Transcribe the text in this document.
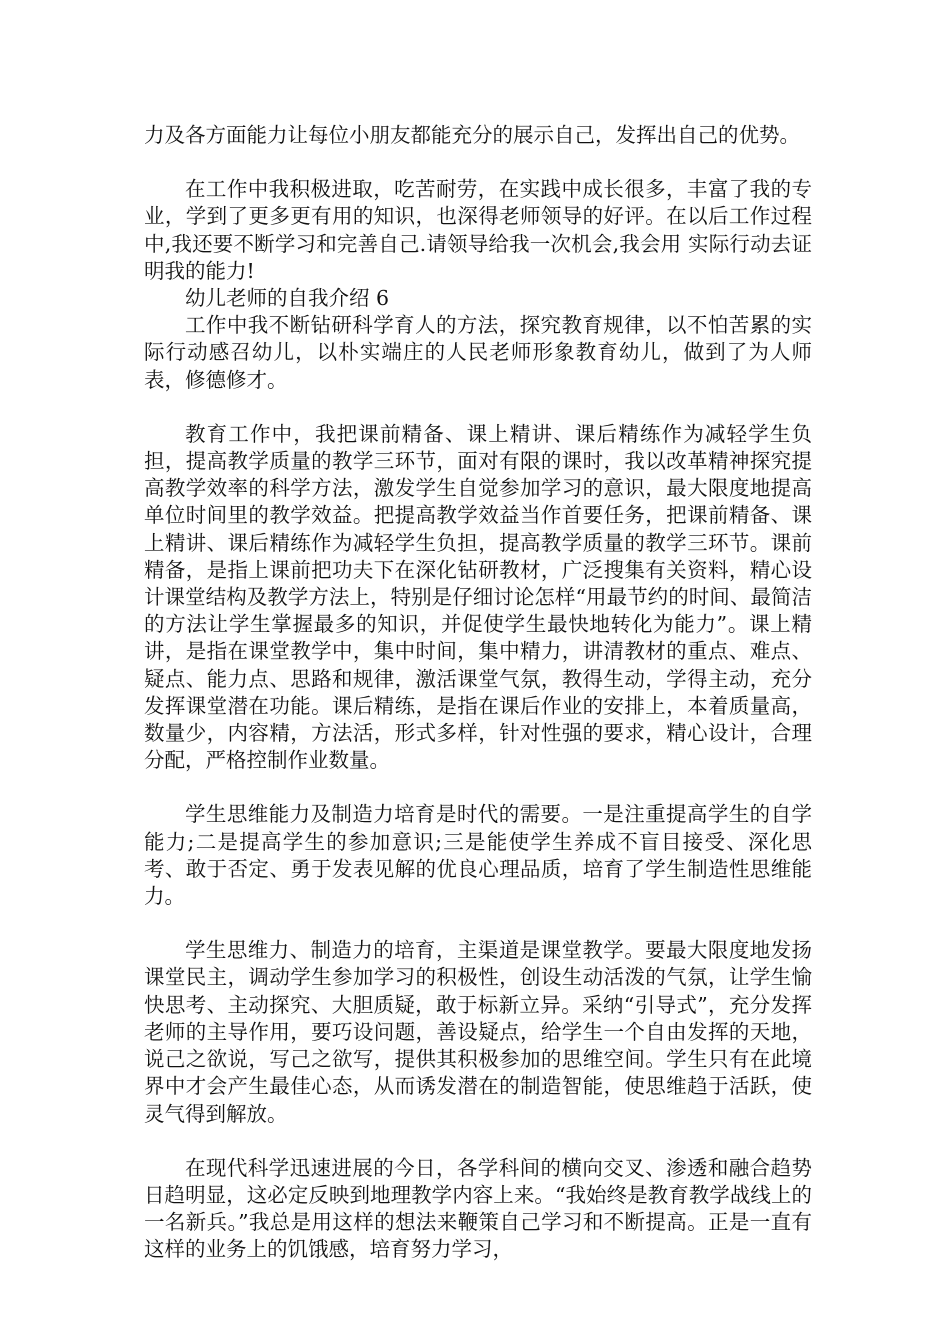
力及各方面能力让每位小朋友都能充分的展示自己，发挥出自己的优势。

在工作中我积极进取，吃苦耐劳，在实践中成长很多，丰富了我的专业，学到了更多更有用的知识，也深得老师领导的好评。在以后工作过程中,我还要不断学习和完善自己.请领导给我一次机会,我会用 实际行动去证明我的能力!

幼儿老师的自我介绍 6

工作中我不断钻研科学育人的方法，探究教育规律，以不怕苦累的实际行动感召幼儿，以朴实端庄的人民老师形象教育幼儿，做到了为人师表，修德修才。

教育工作中，我把课前精备、课上精讲、课后精练作为减轻学生负担，提高教学质量的教学三环节，面对有限的课时，我以改革精神探究提高教学效率的科学方法，激发学生自觉参加学习的意识，最大限度地提高单位时间里的教学效益。把提高教学效益当作首要任务，把课前精备、课上精讲、课后精练作为减轻学生负担，提高教学质量的教学三环节。课前精备，是指上课前把功夫下在深化钻研教材，广泛搜集有关资料，精心设计课堂结构及教学方法上，特别是仔细讨论怎样“用最节约的时间、最简洁的方法让学生掌握最多的知识，并促使学生最快地转化为能力”。课上精讲，是指在课堂教学中，集中时间，集中精力，讲清教材的重点、难点、疑点、能力点、思路和规律，激活课堂气氛，教得生动，学得主动，充分发挥课堂潜在功能。课后精练，是指在课后作业的安排上，本着质量高，数量少，内容精，方法活，形式多样，针对性强的要求，精心设计，合理分配，严格控制作业数量。

学生思维能力及制造力培育是时代的需要。一是注重提高学生的自学能力;二是提高学生的参加意识;三是能使学生养成不盲目接受、深化思考、敢于否定、勇于发表见解的优良心理品质，培育了学生制造性思维能力。

学生思维力、制造力的培育，主渠道是课堂教学。要最大限度地发扬课堂民主，调动学生参加学习的积极性，创设生动活泼的气氛，让学生愉快思考、主动探究、大胆质疑，敢于标新立异。采纳“引导式”，充分发挥老师的主导作用，要巧设问题，善设疑点，给学生一个自由发挥的天地，说己之欲说，写己之欲写，提供其积极参加的思维空间。学生只有在此境界中才会产生最佳心态，从而诱发潜在的制造智能，使思维趋于活跃，使灵气得到解放。

在现代科学迅速进展的今日，各学科间的横向交叉、渗透和融合趋势日趋明显，这必定反映到地理教学内容上来。“我始终是教育教学战线上的一名新兵。”我总是用这样的想法来鞭策自己学习和不断提高。正是一直有这样的业务上的饥饿感，培育努力学习，
